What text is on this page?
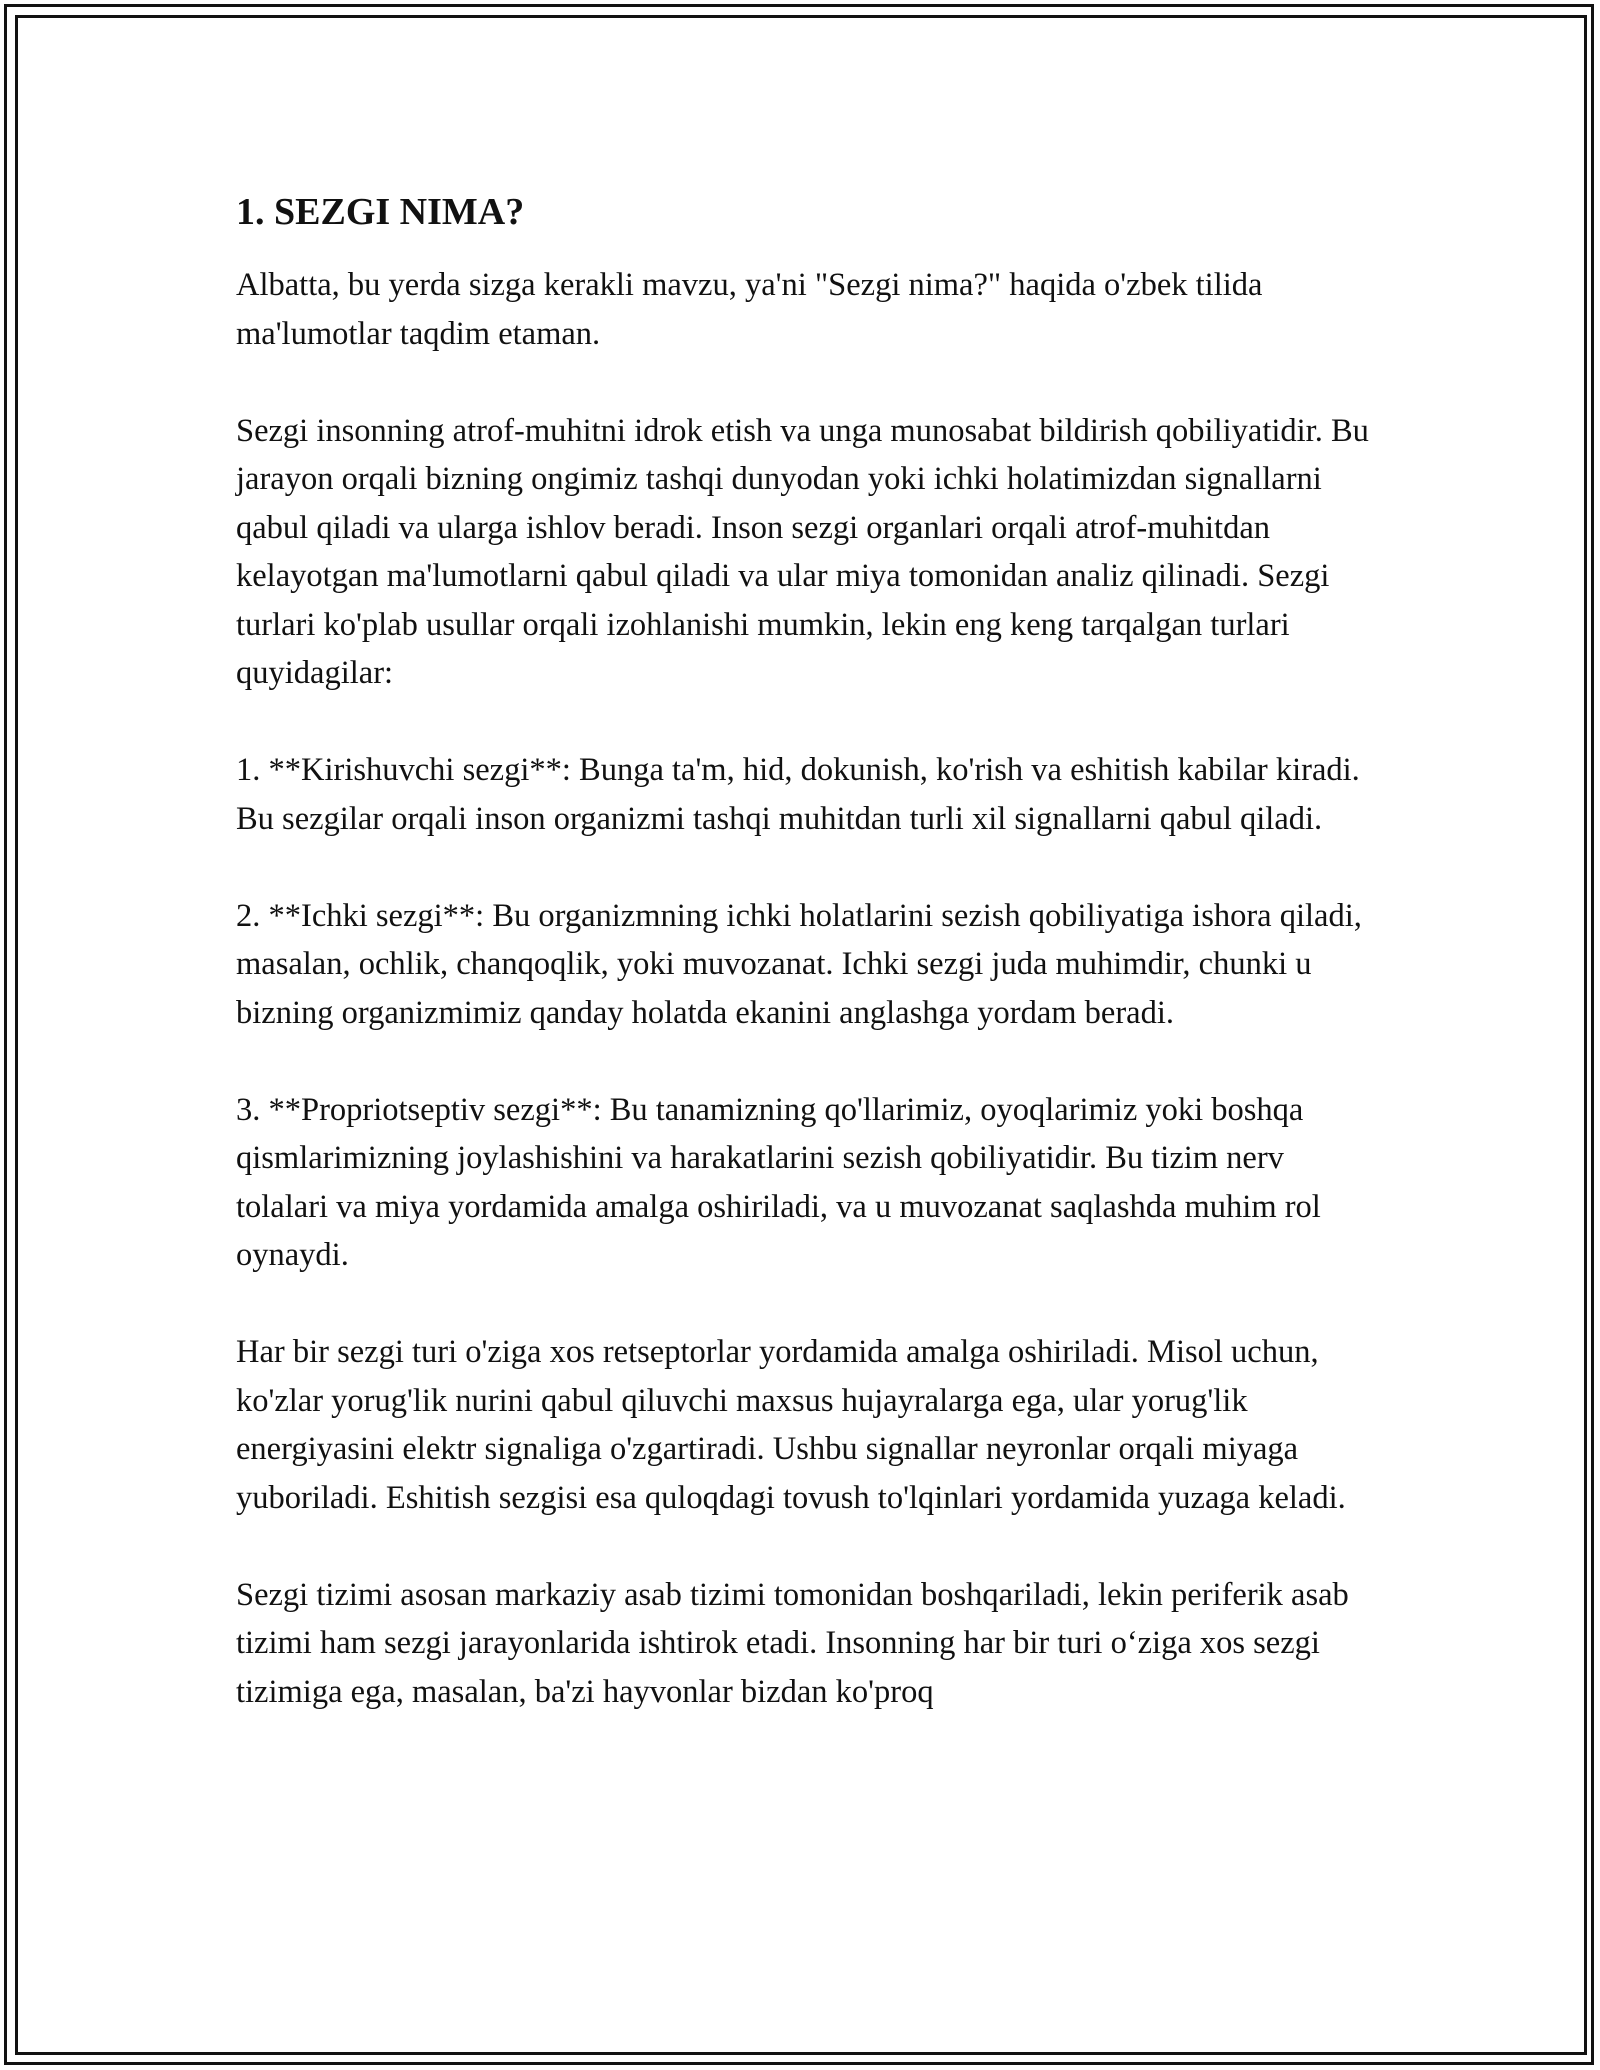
1. SEZGI NIMA?

Albatta, bu yerda sizga kerakli mavzu, ya'ni "Sezgi nima?" haqida o'zbek tilida ma'lumotlar taqdim etaman.

Sezgi insonning atrof-muhitni idrok etish va unga munosabat bildirish qobiliyatidir. Bu jarayon orqali bizning ongimiz tashqi dunyodan yoki ichki holatimizdan signallarni qabul qiladi va ularga ishlov beradi. Inson sezgi organlari orqali atrof-muhitdan kelayotgan ma'lumotlarni qabul qiladi va ular miya tomonidan analiz qilinadi. Sezgi turlari ko'plab usullar orqali izohlanishi mumkin, lekin eng keng tarqalgan turlari quyidagilar:

1. **Kirishuvchi sezgi**: Bunga ta'm, hid, dokunish, ko'rish va eshitish kabilar kiradi. Bu sezgilar orqali inson organizmi tashqi muhitdan turli xil signallarni qabul qiladi.

2. **Ichki sezgi**: Bu organizmning ichki holatlarini sezish qobiliyatiga ishora qiladi, masalan, ochlik, chanqoqlik, yoki muvozanat. Ichki sezgi juda muhimdir, chunki u bizning organizmimiz qanday holatda ekanini anglashga yordam beradi.

3. **Propriotseptiv sezgi**: Bu tanamizning qo'llarimiz, oyoqlarimiz yoki boshqa qismlarimizning joylashishini va harakatlarini sezish qobiliyatidir. Bu tizim nerv tolalari va miya yordamida amalga oshiriladi, va u muvozanat saqlashda muhim rol oynaydi.

Har bir sezgi turi o'ziga xos retseptorlar yordamida amalga oshiriladi. Misol uchun, ko'zlar yorug'lik nurini qabul qiluvchi maxsus hujayralarga ega, ular yorug'lik energiyasini elektr signaliga o'zgartiradi. Ushbu signallar neyronlar orqali miyaga yuboriladi. Eshitish sezgisi esa quloqdagi tovush to'lqinlari yordamida yuzaga keladi.

Sezgi tizimi asosan markaziy asab tizimi tomonidan boshqariladi, lekin periferik asab tizimi ham sezgi jarayonlarida ishtirok etadi. Insonning har bir turi o‘ziga xos sezgi tizimiga ega, masalan, ba'zi hayvonlar bizdan ko'proq
